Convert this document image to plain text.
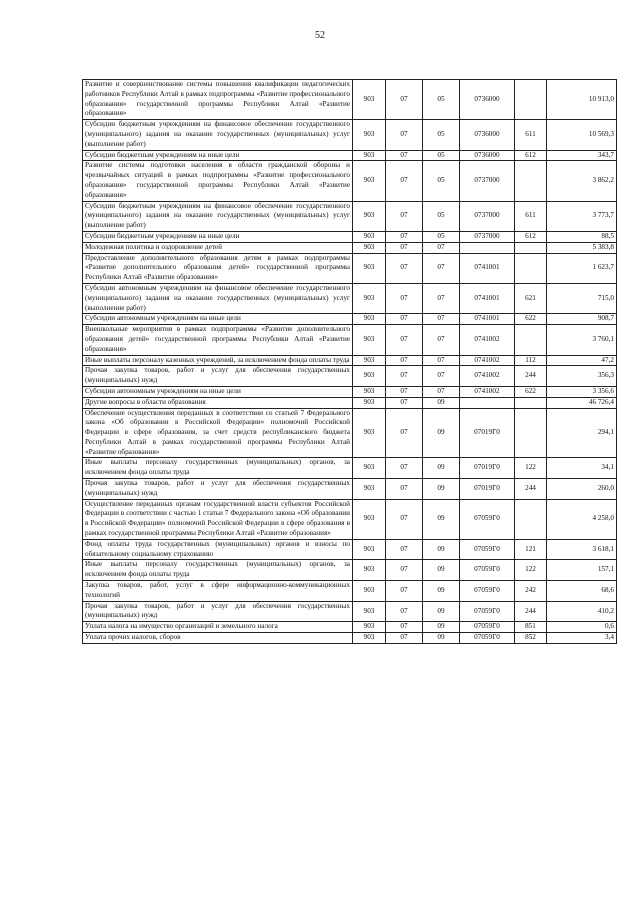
52
Развитие и совершенствование системы повышения квалификации педагогических работников Республики Алтай в рамках подпрограммы «Развитие профессионального образования» государственной программы Республики Алтай «Развитие образования»	903	07	05	0736000		10 913,0
Субсидии бюджетным учреждениям на финансовое обеспечение государственного (муниципального) задания на оказание государственных (муниципальных) услуг (выполнение работ)	903	07	05	0736000	611	10 569,3
Субсидии бюджетным учреждениям на иные цели	903	07	05	0736000	612	343,7
Развитие системы подготовки населения в области гражданской обороны и чрезвычайных ситуаций в рамках подпрограммы «Развитие профессионального образования» государственной программы Республики Алтай «Развитие образования»	903	07	05	0737000		3 862,2
Субсидии бюджетным учреждениям на финансовое обеспечение государственного (муниципального) задания на оказание государственных (муниципальных) услуг (выполнение работ)	903	07	05	0737000	611	3 773,7
Субсидии бюджетным учреждениям на иные цели	903	07	05	0737000	612	88,5
Молодежная политика и оздоровление детей	903	07	07			5 383,8
Предоставление дополнительного образования детям в рамках подпрограммы «Развитие дополнительного образования детей» государственной программы Республики Алтай «Развитие образования»	903	07	07	0741001		1 623,7
Субсидии автономным учреждениям на финансовое обеспечение государственного (муниципального) задания на оказание государственных (муниципальных) услуг (выполнение работ)	903	07	07	0741001	621	715,0
Субсидии автономным учреждениям на иные цели	903	07	07	0741001	622	908,7
Внешкольные мероприятия в рамках подпрограммы «Развитие дополнительного образования детей» государственной программы Республики Алтай «Развитие образования»	903	07	07	0741002		3 760,1
Иные выплаты персоналу казенных учреждений, за исключением фонда оплаты труда	903	07	07	0741002	112	47,2
Прочая закупка товаров, работ и услуг для обеспечения государственных (муниципальных) нужд	903	07	07	0741002	244	356,3
Субсидии автономным учреждениям на иные цели	903	07	07	0741002	622	3 356,6
Другие вопросы в области образования	903	07	09			46 726,4
Обеспечение осуществления переданных в соответствии со статьей 7 Федерального закона «Об образовании в Российской Федерации» полномочий Российской Федерации в сфере образования, за счет средств республиканского бюджета Республики Алтай в рамках государственной программы Республики Алтай «Развитие образования»	903	07	09	07019Г0		294,1
Иные выплаты персоналу государственных (муниципальных) органов, за исключением фонда оплаты труда	903	07	09	07019Г0	122	34,1
Прочая закупка товаров, работ и услуг для обеспечения государственных (муниципальных) нужд	903	07	09	07019Г0	244	260,0
Осуществление переданных органам государственной власти субъектов Российской Федерации в соответствии с частью 1 статьи 7 Федерального закона «Об образовании в Российской Федерации» полномочий Российской Федерации в сфере образования в рамках государственной программы Республики Алтай «Развитие образования»	903	07	09	07059Г0		4 258,0
Фонд оплаты труда государственных (муниципальных) органов и взносы по обязательному социальному страхованию	903	07	09	07059Г0	121	3 618,1
Иные выплаты персоналу государственных (муниципальных) органов, за исключением фонда оплаты труда	903	07	09	07059Г0	122	157,1
Закупка товаров, работ, услуг в сфере информационно-коммуникационных технологий	903	07	09	07059Г0	242	68,6
Прочая закупка товаров, работ и услуг для обеспечения государственных (муниципальных) нужд	903	07	09	07059Г0	244	410,2
Уплата налога на имущество организаций и земельного налога	903	07	09	07059Г0	851	0,6
Уплата прочих налогов, сборов	903	07	09	07059Г0	852	3,4
